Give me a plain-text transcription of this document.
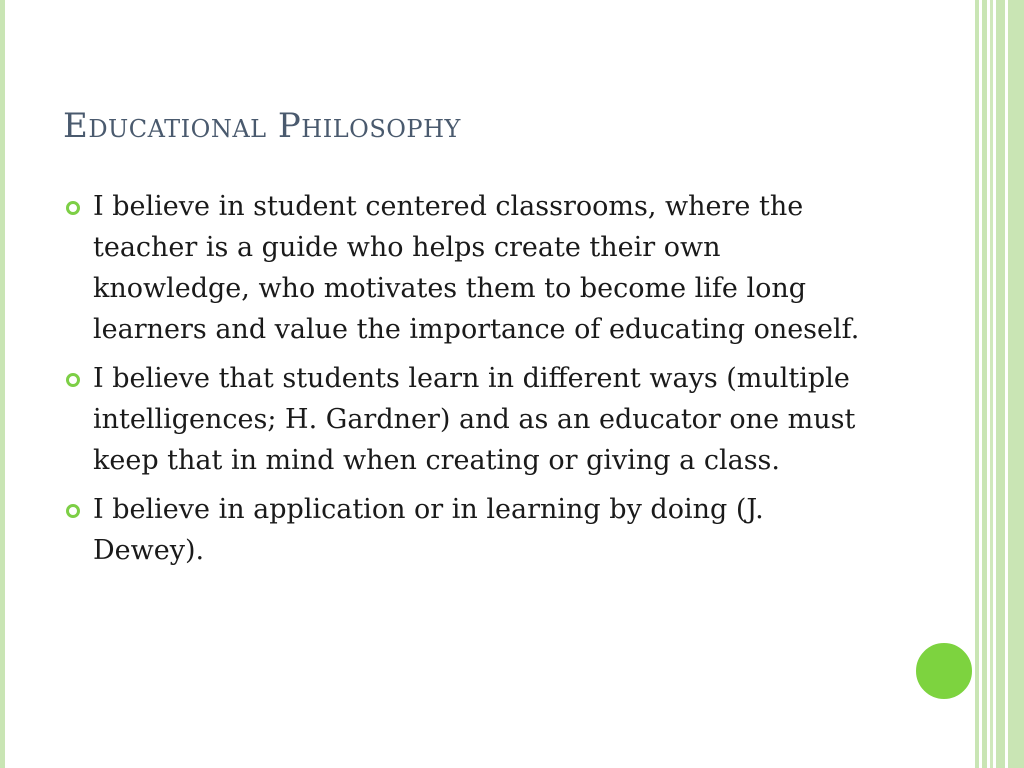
Educational Philosophy
I believe in student centered classrooms, where the teacher is a guide who helps create their own knowledge, who motivates them to become life long learners and value the importance of educating oneself.
I believe that students learn in different ways (multiple intelligences; H. Gardner) and as an educator one must keep that in mind when creating or giving a class.
I believe in application or in learning by doing (J. Dewey).
